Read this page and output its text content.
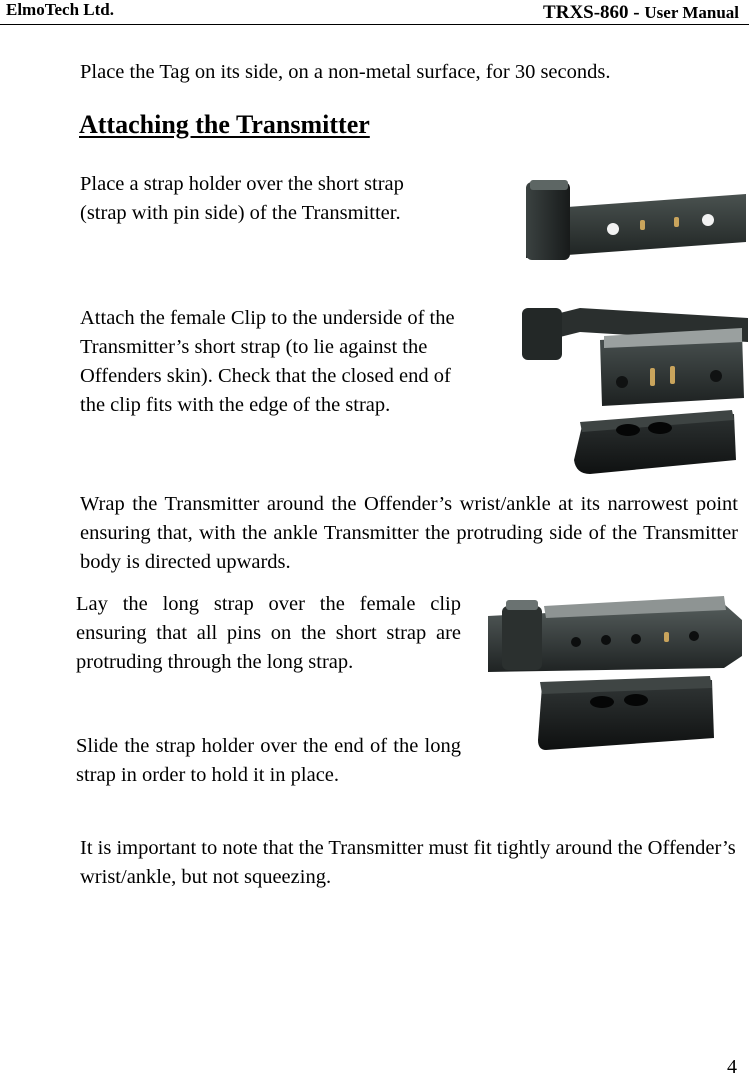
ElmoTech Ltd.	TRXS-860 - User Manual
Place the Tag on its side, on a non-metal surface, for 30 seconds.
Attaching the Transmitter
Place a strap holder over the short strap (strap with pin side) of the Transmitter.
Attach the female Clip to the underside of the Transmitter’s short strap (to lie against the Offenders skin). Check that the closed end of the clip fits with the edge of the strap.
Wrap the Transmitter around the Offender’s wrist/ankle at its narrowest point ensuring that, with the ankle Transmitter the protruding side of the Transmitter body is directed upwards.
Lay the long strap over the female clip ensuring that all pins on the short strap are protruding through the long strap.
Slide the strap holder over the end of the long strap in order to hold it in place.
It is important to note that the Transmitter must fit tightly around the Offender’s wrist/ankle, but not squeezing.
4
